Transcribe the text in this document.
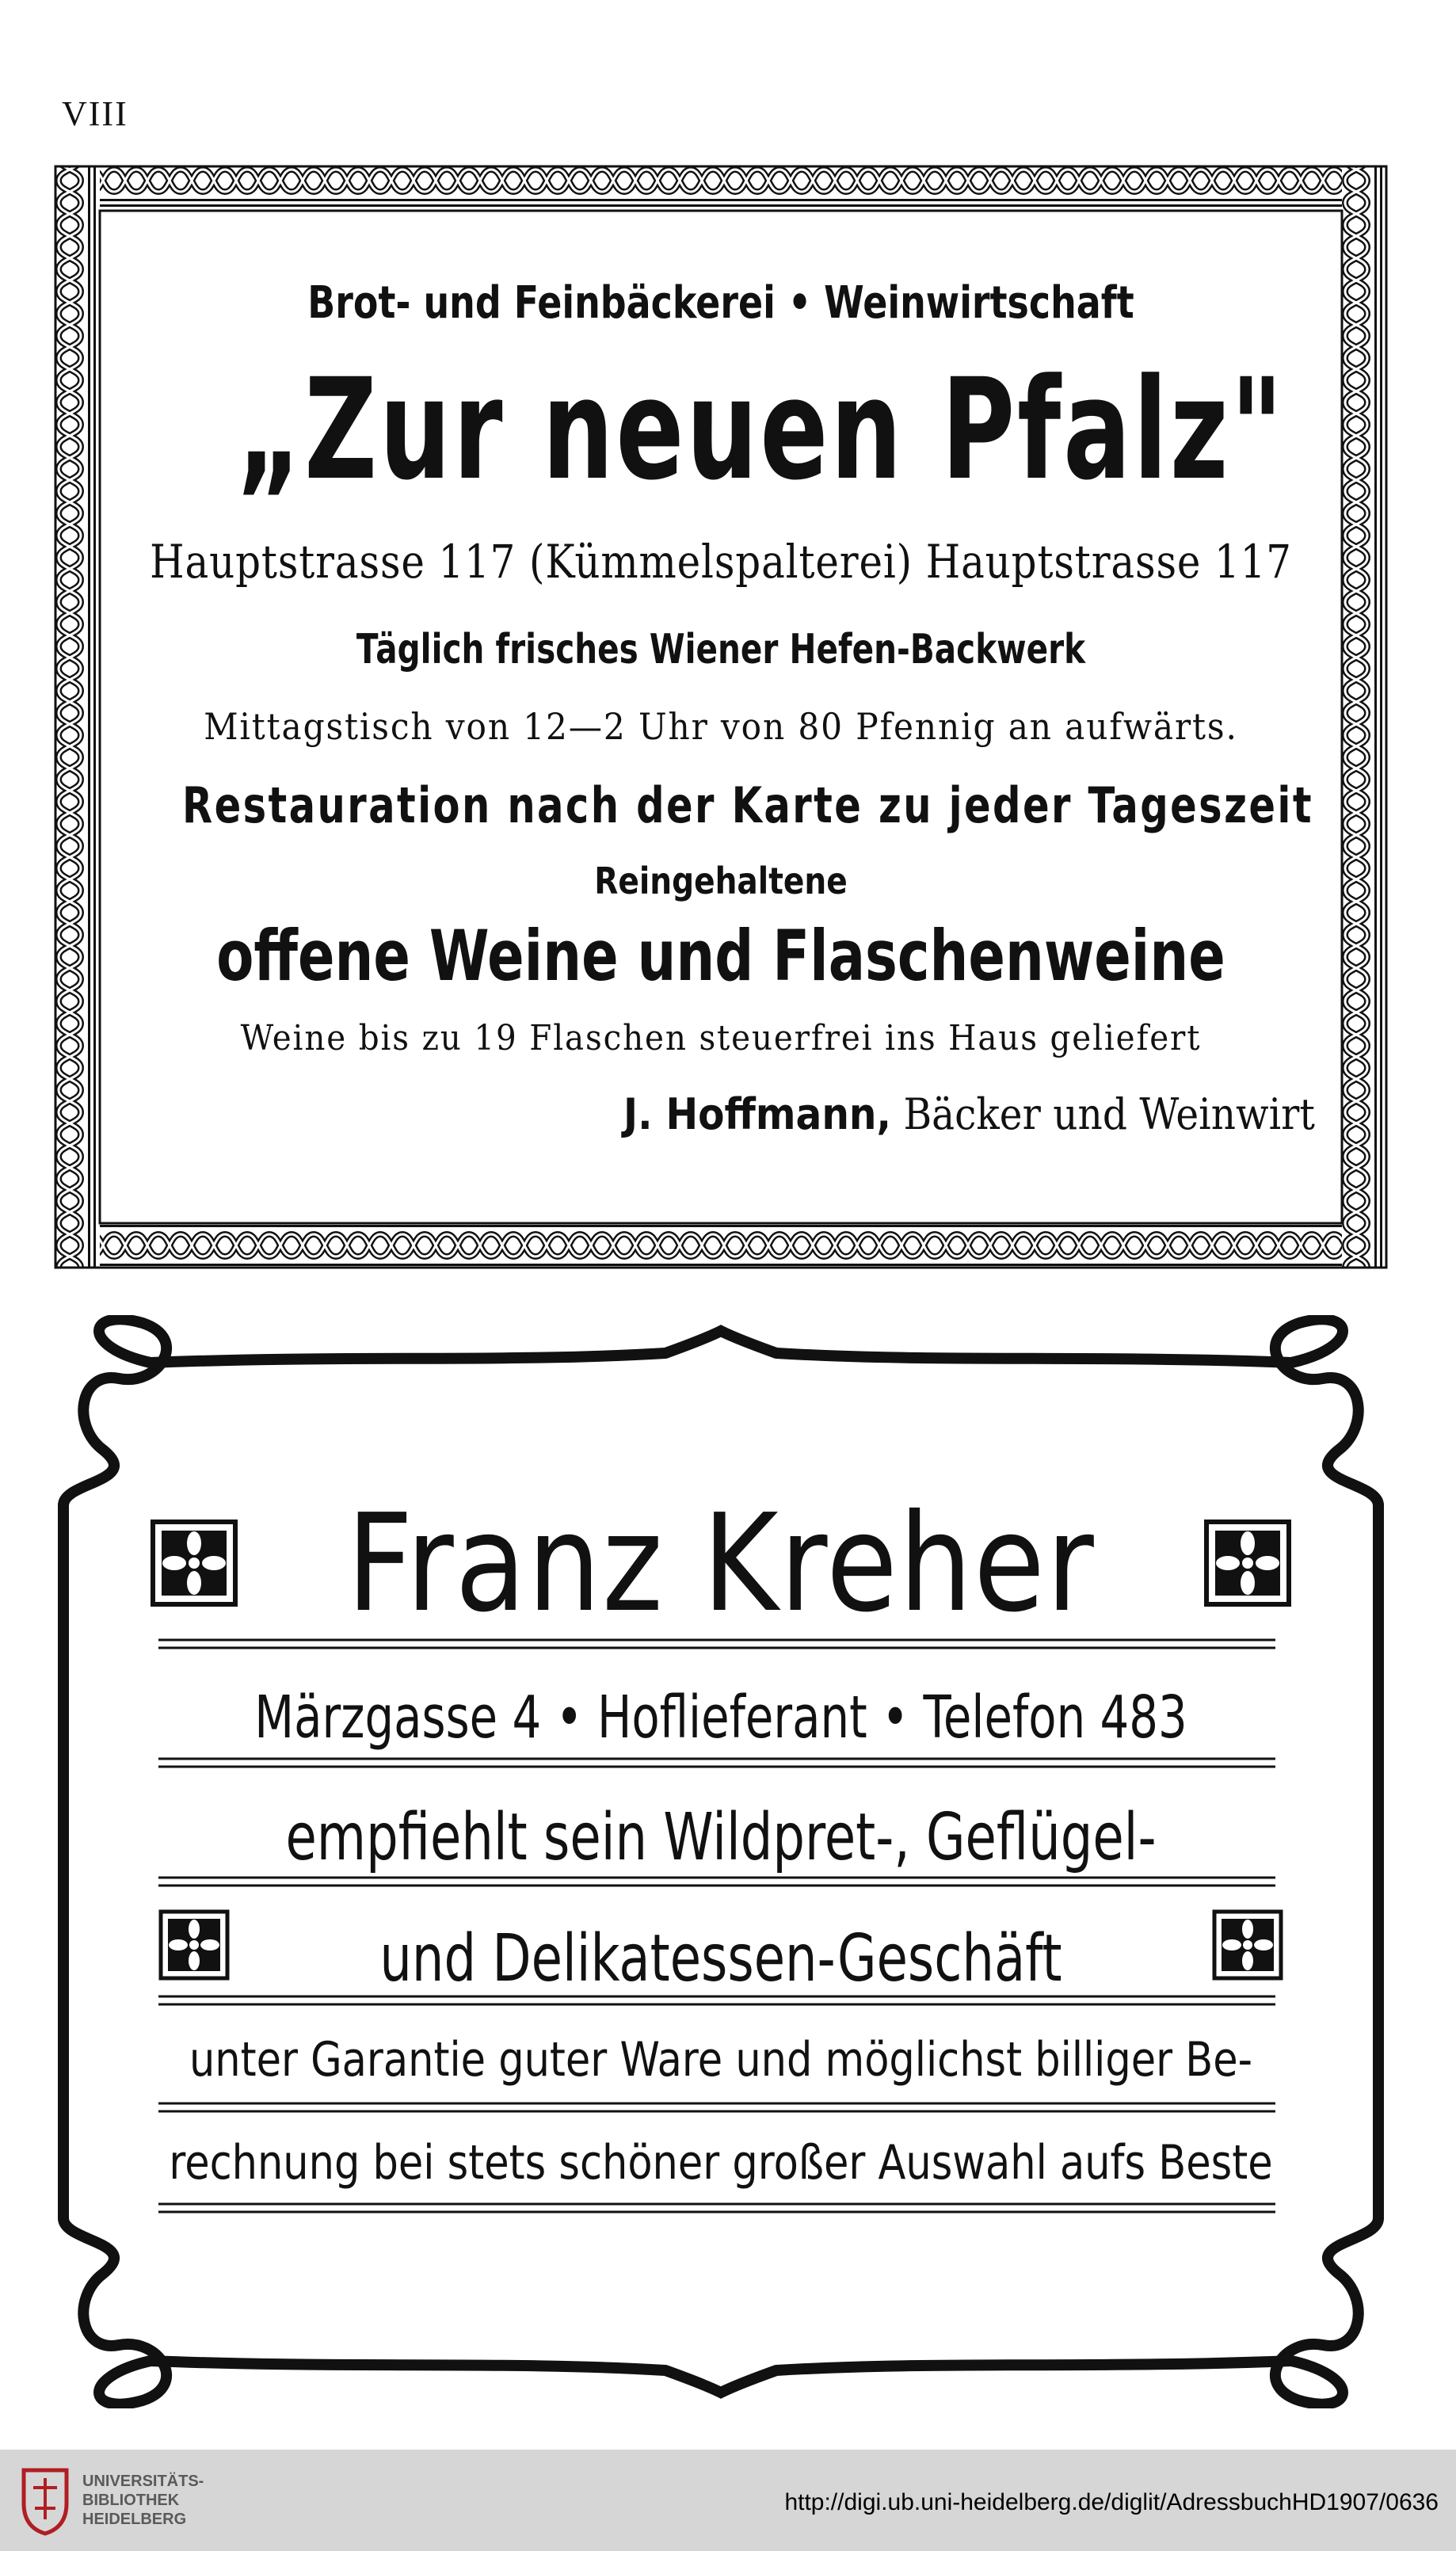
VIII
Brot- und Feinbäckerei • Weinwirtschaft
„Zur neuen Pfalz"
Hauptstrasse 117 (Kümmelspalterei) Hauptstrasse 117
Täglich frisches Wiener Hefen-Backwerk
Mittagstisch von 12—2 Uhr von 80 Pfennig an aufwärts.
Restauration nach der Karte zu jeder Tageszeit
Reingehaltene
offene Weine und Flaschenweine
Weine bis zu 19 Flaschen steuerfrei ins Haus geliefert
J. Hoffmann, Bäcker und Weinwirt
Franz Kreher
Märzgasse 4 • Hoflieferant • Telefon 483
empfiehlt sein Wildpret-, Geflügel-
und Delikatessen-Geschäft
unter Garantie guter Ware und möglichst billiger Be-
rechnung bei stets schöner großer Auswahl aufs Beste
UNIVERSITÄTS-
BIBLIOTHEK
HEIDELBERG
http://digi.ub.uni-heidelberg.de/diglit/AdressbuchHD1907/0636
